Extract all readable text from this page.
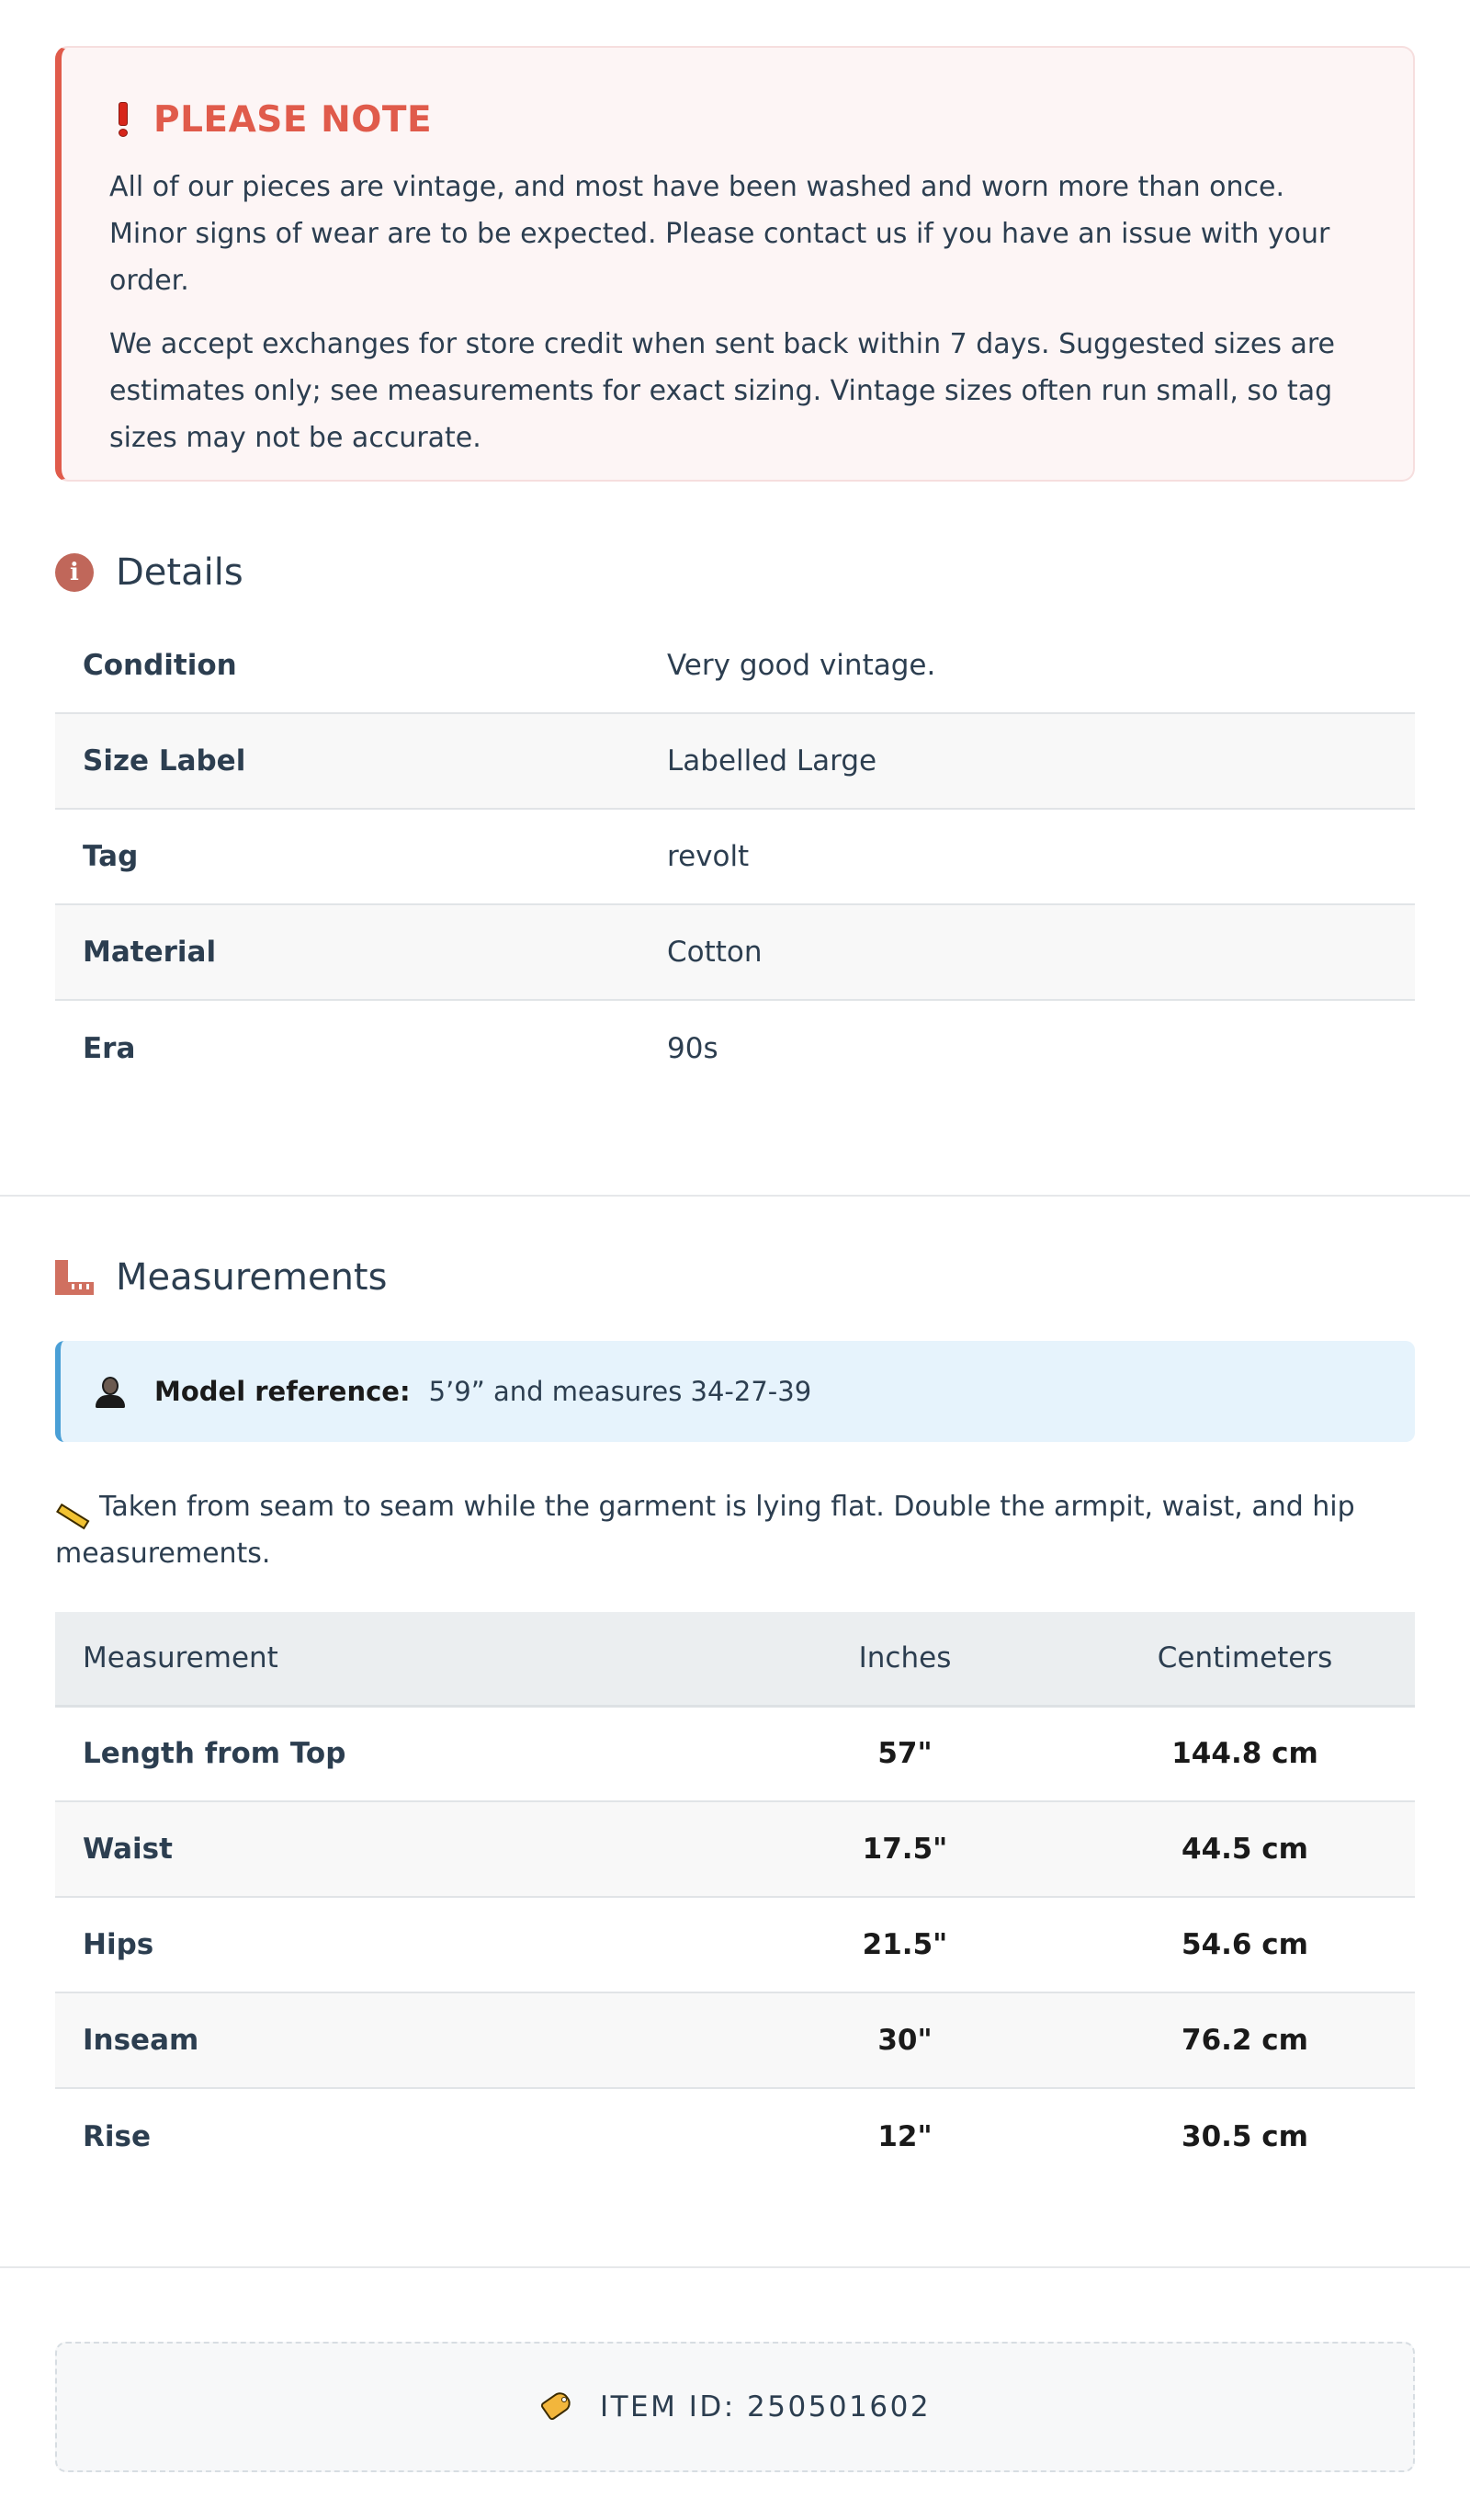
PLEASE NOTE

All of our pieces are vintage, and most have been washed and worn more than once. Minor signs of wear are to be expected. Please contact us if you have an issue with your order.

We accept exchanges for store credit when sent back within 7 days. Suggested sizes are estimates only; see measurements for exact sizing. Vintage sizes often run small, so tag sizes may not be accurate.

i	Details
Condition	Very good vintage.
Size Label	Labelled Large
Tag	revolt
Material	Cotton
Era	90s
Measurements
Model reference: 5’9” and measures 34-27-39
Taken from seam to seam while the garment is lying flat. Double the armpit, waist, and hip measurements.
Measurement	Inches	Centimeters
Length from Top	57"	144.8 cm
Waist	17.5"	44.5 cm
Hips	21.5"	54.6 cm
Inseam	30"	76.2 cm
Rise	12"	30.5 cm
ITEM ID: 250501602
